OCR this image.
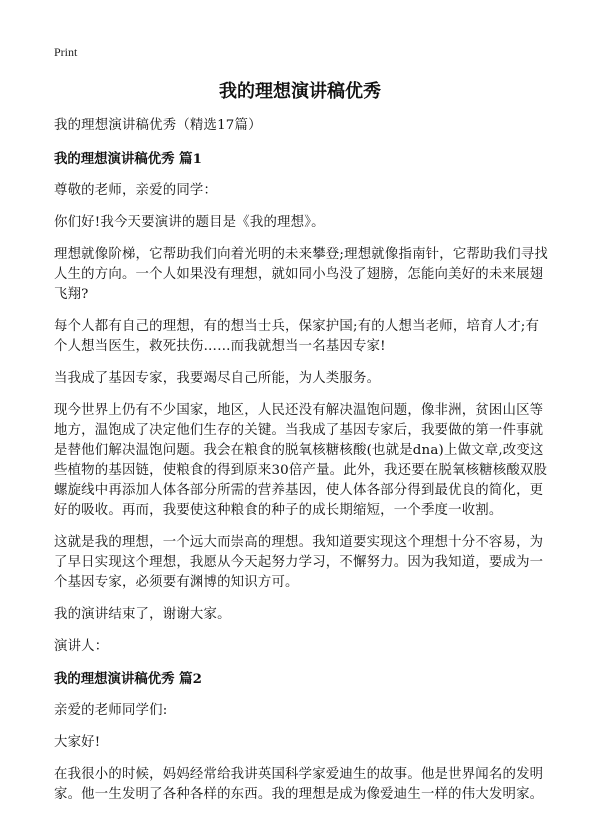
Print
我的理想演讲稿优秀

我的理想演讲稿优秀（精选17篇）

我的理想演讲稿优秀 篇1

尊敬的老师，亲爱的同学：

你们好!我今天要演讲的题目是《我的理想》。

理想就像阶梯，它帮助我们向着光明的未来攀登;理想就像指南针，它帮助我们寻找人生的方向。一个人如果没有理想，就如同小鸟没了翅膀，怎能向美好的未来展翅飞翔?

每个人都有自己的理想，有的想当士兵，保家护国;有的人想当老师，培育人才;有个人想当医生，救死扶伤……而我就想当一名基因专家!

当我成了基因专家，我要竭尽自己所能，为人类服务。

现今世界上仍有不少国家，地区，人民还没有解决温饱问题，像非洲，贫困山区等地方，温饱成了决定他们生存的关键。当我成了基因专家后，我要做的第一件事就是替他们解决温饱问题。我会在粮食的脱氧核糖核酸(也就是dna)上做文章,改变这些植物的基因链，使粮食的得到原来30倍产量。此外，我还要在脱氧核糖核酸双股螺旋线中再添加人体各部分所需的营养基因，使人体各部分得到最优良的简化，更好的吸收。再而，我要使这种粮食的种子的成长期缩短，一个季度一收割。

这就是我的理想，一个远大而崇高的理想。我知道要实现这个理想十分不容易，为了早日实现这个理想，我愿从今天起努力学习，不懈努力。因为我知道，要成为一个基因专家，必须要有渊博的知识方可。

我的演讲结束了，谢谢大家。

演讲人：

我的理想演讲稿优秀 篇2

亲爱的老师同学们:

大家好!

在我很小的时候，妈妈经常给我讲英国科学家爱迪生的故事。他是世界闻名的发明家。他一生发明了各种各样的东西。我的理想是成为像爱迪生一样的伟大发明家。
